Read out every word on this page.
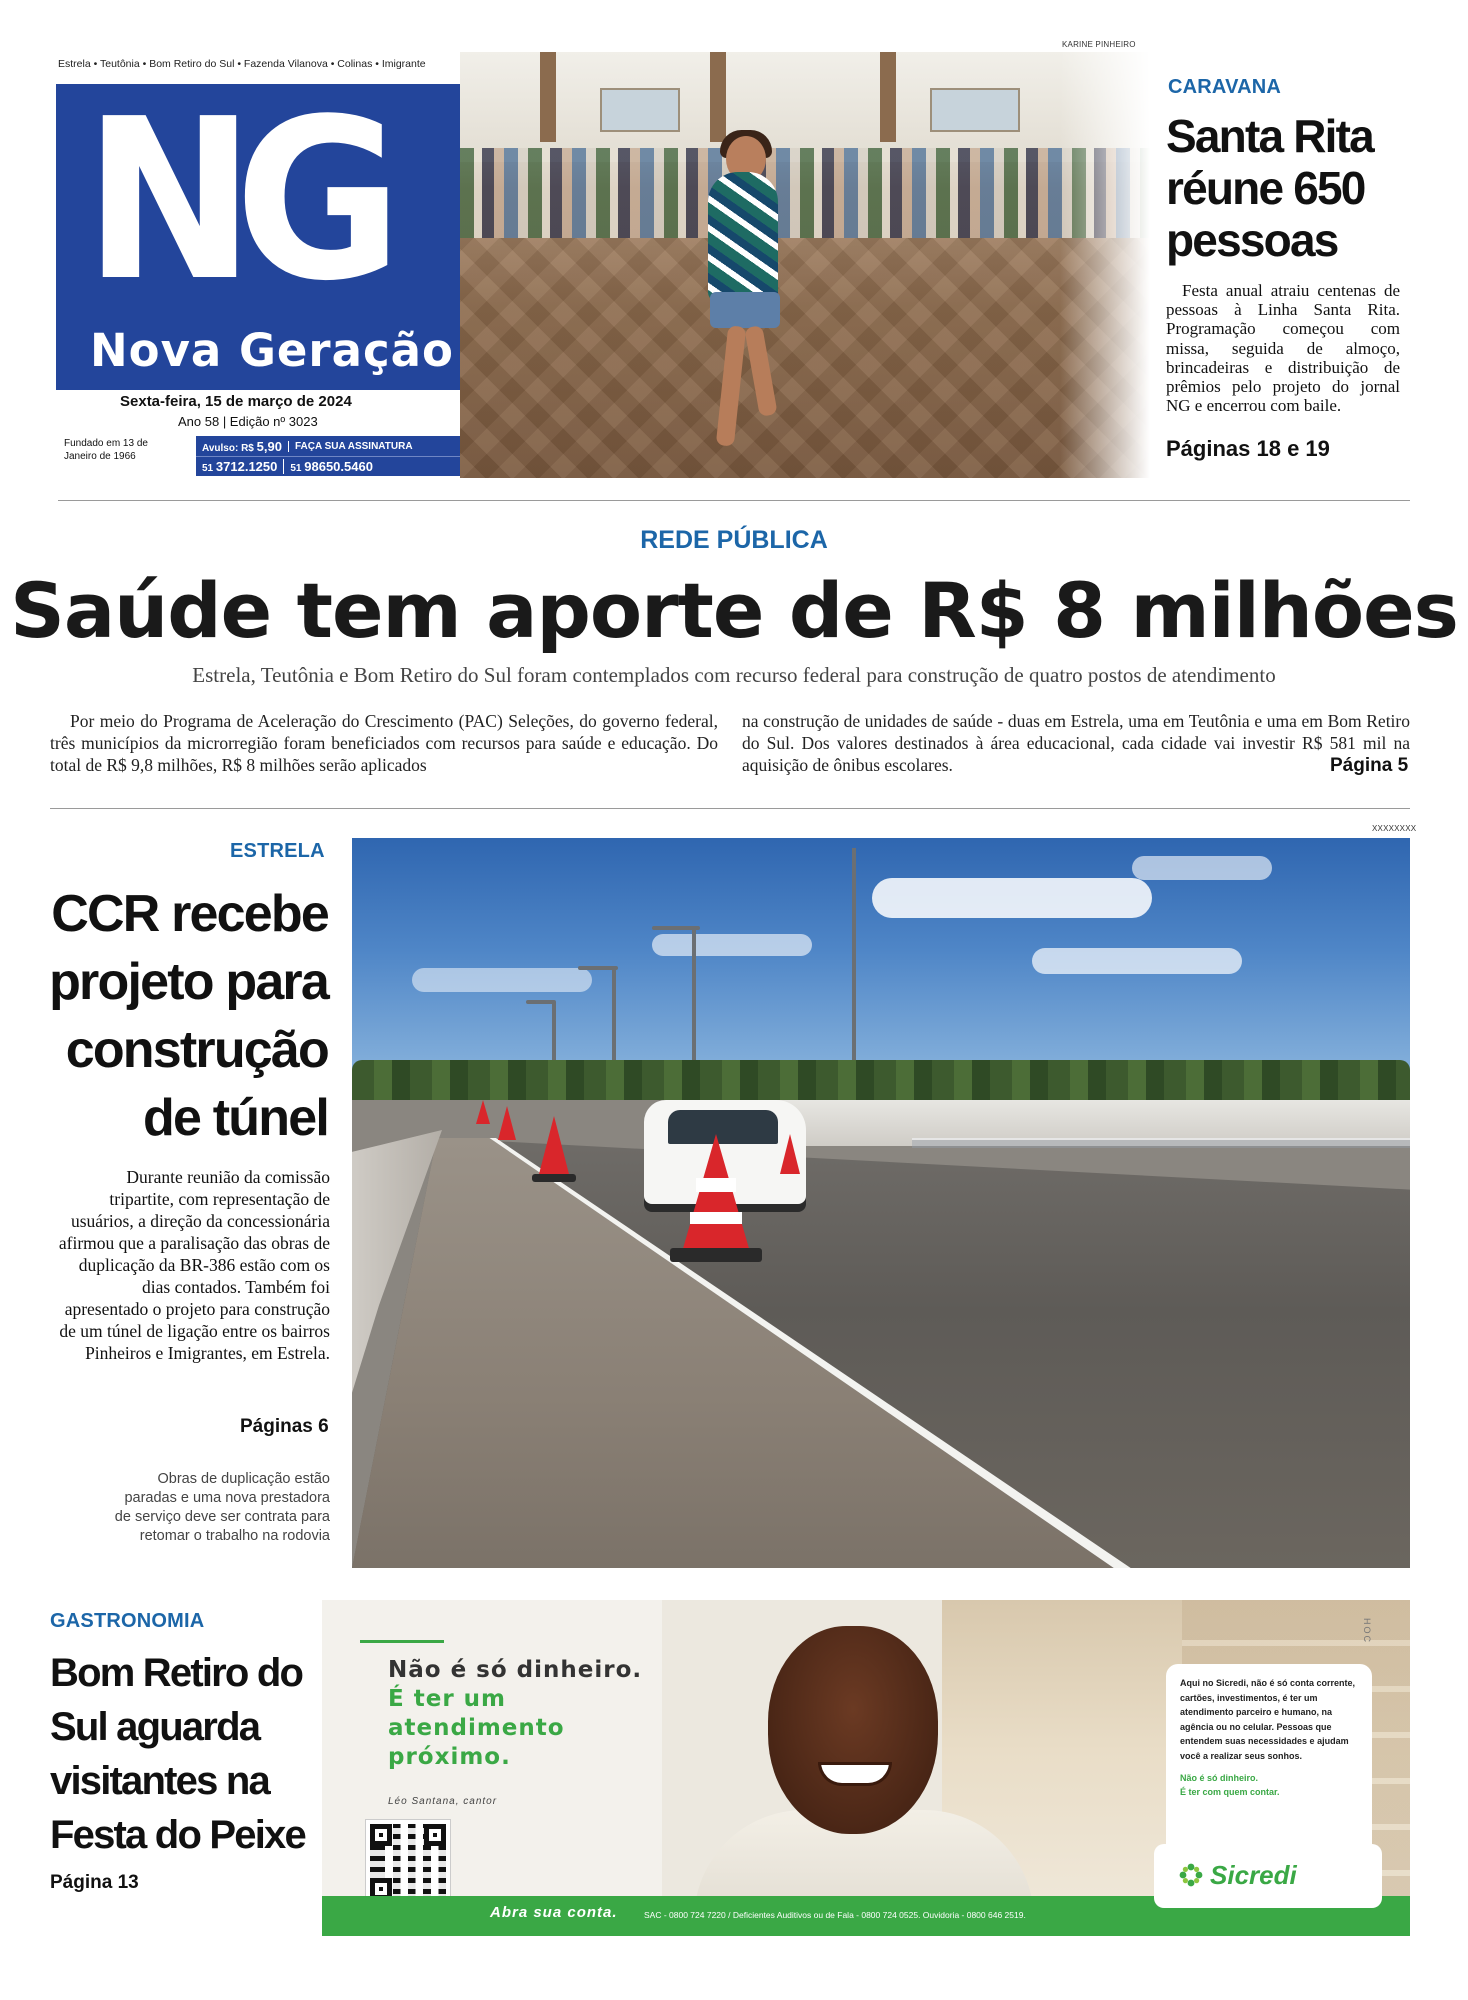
Estrela • Teutônia • Bom Retiro do Sul • Fazenda Vilanova • Colinas • Imigrante
NG
Nova Geração
Sexta-feira, 15 de março de 2024
Ano 58 | Edição nº 3023
Fundado em 13 de Janeiro de 1966
Avulso: R$ 5,90	FAÇA SUA ASSINATURA
51 3712.1250	51 98650.5460
KARINE PINHEIRO
CARAVANA
Santa Rita
réune 650
pessoas
Festa anual atraiu centenas de pessoas à Linha Santa Rita. Programação começou com missa, seguida de almoço, brincadeiras e distribuição de prêmios pelo projeto do jornal NG e encerrou com baile.
Páginas 18 e 19
REDE PÚBLICA
Saúde tem aporte de R$ 8 milhões
Estrela, Teutônia e Bom Retiro do Sul foram contemplados com recurso federal para construção de quatro postos de atendimento
Por meio do Programa de Aceleração do Crescimento (PAC) Seleções, do governo federal, três municípios da microrregião foram beneficiados com recursos para saúde e educação. Do total de R$ 9,8 milhões, R$ 8 milhões serão aplicados
na construção de unidades de saúde - duas em Estrela, uma em Teutônia e uma em Bom Retiro do Sul. Dos valores destinados à área educacional, cada cidade vai investir R$ 581 mil na aquisição de ônibus escolares.	Página 5
ESTRELA
CCR recebe
projeto para
construção
de túnel
Durante reunião da comissão tripartite, com representação de usuários, a direção da concessionária afirmou que a paralisação das obras de duplicação da BR-386 estão com os dias contados. Também foi apresentado o projeto para construção de um túnel de ligação entre os bairros Pinheiros e Imigrantes, em Estrela.
Páginas 6
Obras de duplicação estão paradas e uma nova prestadora de serviço deve ser contrata para retomar o trabalho na rodovia
XXXXXXXX
GASTRONOMIA
Bom Retiro do
Sul aguarda
visitantes na
Festa do Peixe
Página 13
Não é só dinheiro.
É ter um
atendimento
próximo.
Léo Santana, cantor
Aqui no Sicredi, não é só conta corrente, cartões, investimentos, é ter um atendimento parceiro e humano, na agência ou no celular. Pessoas que entendem suas necessidades e ajudam você a realizar seus sonhos.
Não é só dinheiro.
É ter com quem contar.
HOC
Abra sua conta.	SAC - 0800 724 7220 / Deficientes Auditivos ou de Fala - 0800 724 0525. Ouvidoria - 0800 646 2519.
Sicredi
